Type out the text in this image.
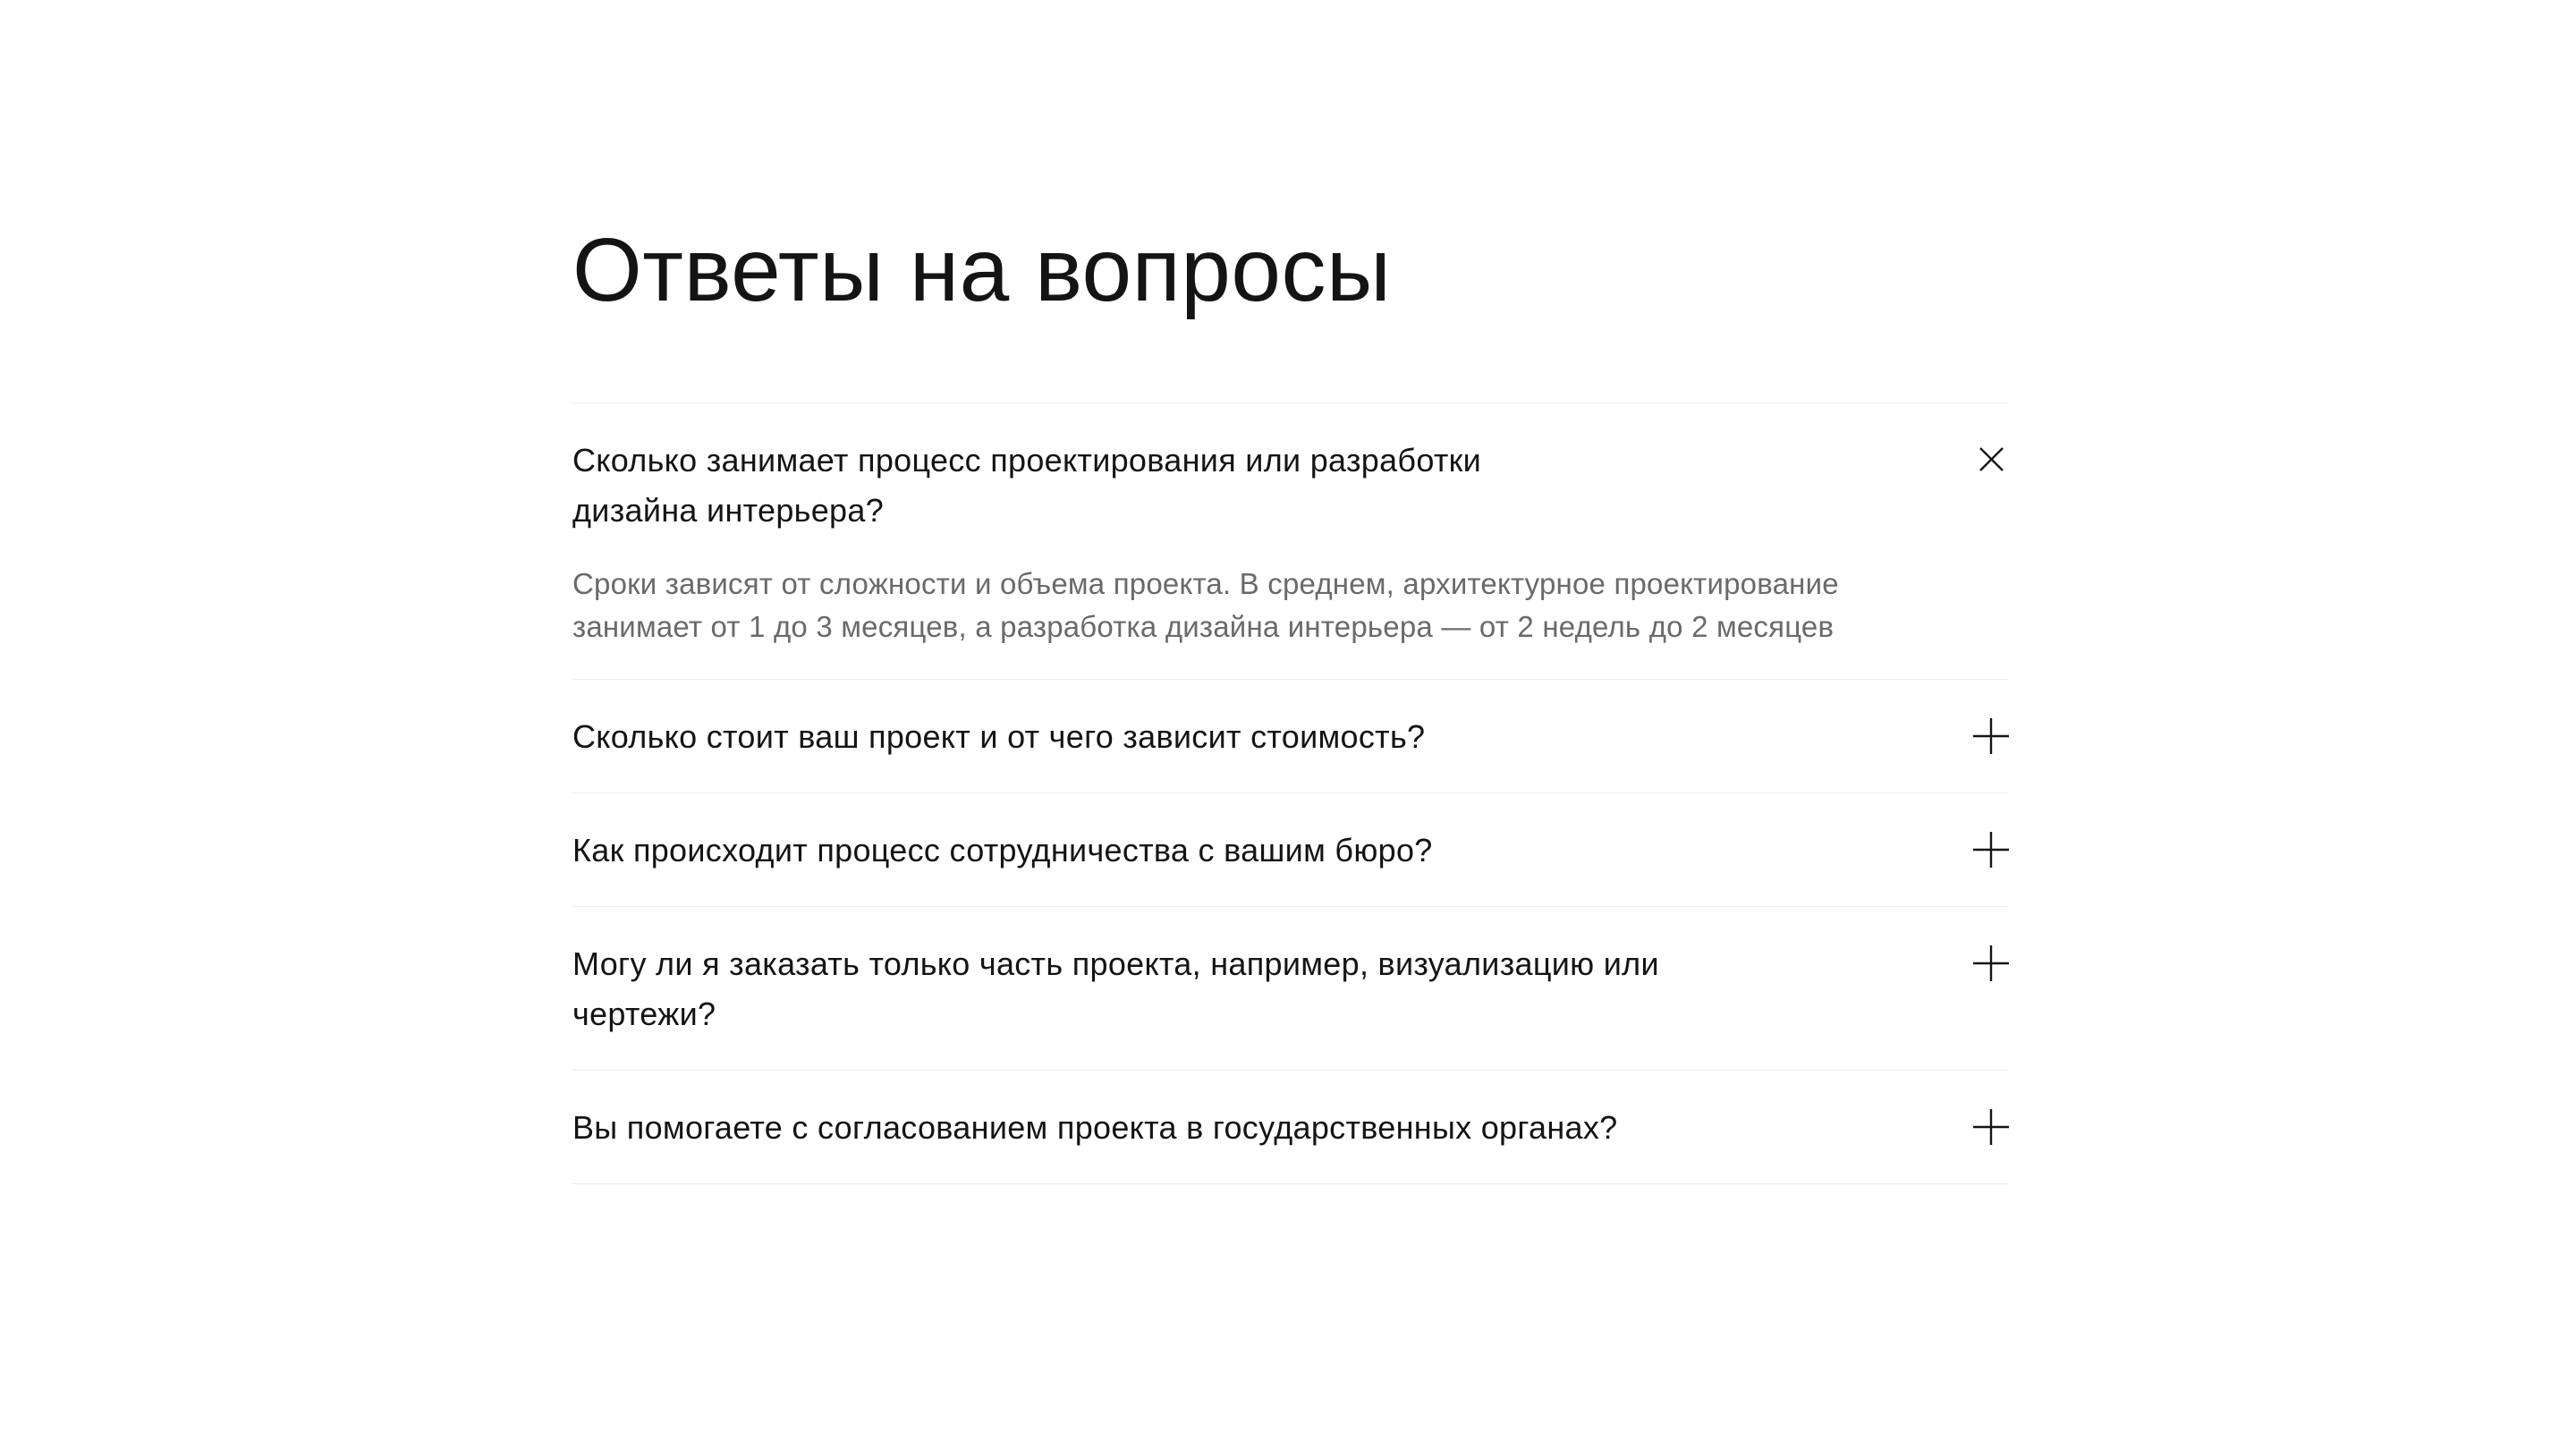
Ответы на вопросы
Сколько занимает процесс проектирования или разработки
дизайна интерьера?
Сроки зависят от сложности и объема проекта. В среднем, архитектурное проектирование
занимает от 1 до 3 месяцев, а разработка дизайна интерьера — от 2 недель до 2 месяцев
Сколько стоит ваш проект и от чего зависит стоимость?
Как происходит процесс сотрудничества с вашим бюро?
Могу ли я заказать только часть проекта, например, визуализацию или
чертежи?
Вы помогаете с согласованием проекта в государственных органах?
